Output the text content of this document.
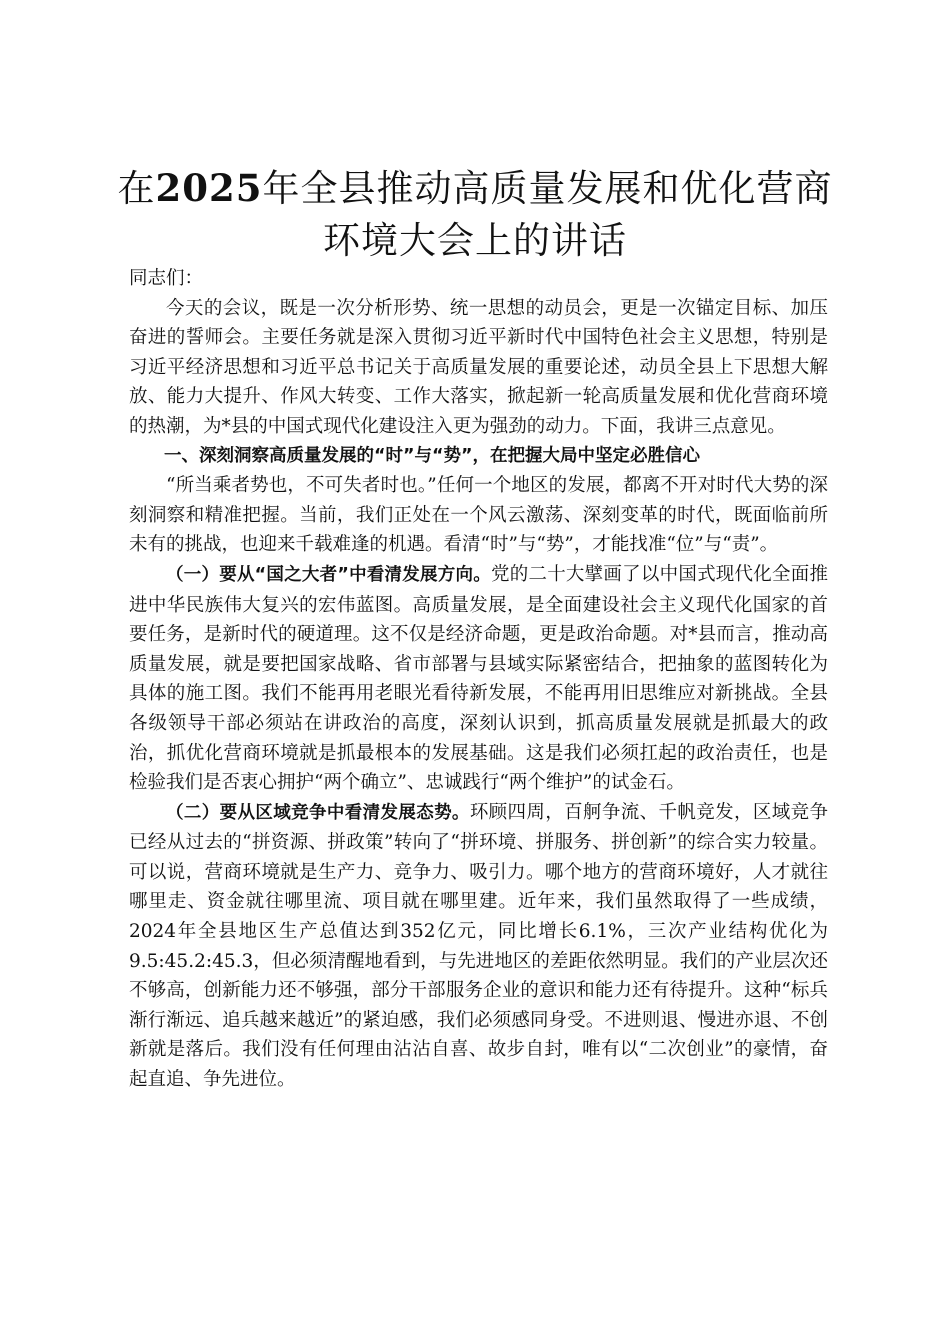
在2025年全县推动高质量发展和优化营商环境大会上的讲话

同志们：

今天的会议，既是一次分析形势、统一思想的动员会，更是一次锚定目标、加压奋进的誓师会。主要任务就是深入贯彻习近平新时代中国特色社会主义思想，特别是习近平经济思想和习近平总书记关于高质量发展的重要论述，动员全县上下思想大解放、能力大提升、作风大转变、工作大落实，掀起新一轮高质量发展和优化营商环境的热潮，为*县的中国式现代化建设注入更为强劲的动力。下面，我讲三点意见。

一、深刻洞察高质量发展的“时”与“势”，在把握大局中坚定必胜信心

“所当乘者势也，不可失者时也。”任何一个地区的发展，都离不开对时代大势的深刻洞察和精准把握。当前，我们正处在一个风云激荡、深刻变革的时代，既面临前所未有的挑战，也迎来千载难逢的机遇。看清“时”与“势”，才能找准“位”与“责”。

（一）要从“国之大者”中看清发展方向。党的二十大擘画了以中国式现代化全面推进中华民族伟大复兴的宏伟蓝图。高质量发展，是全面建设社会主义现代化国家的首要任务，是新时代的硬道理。这不仅是经济命题，更是政治命题。对*县而言，推动高质量发展，就是要把国家战略、省市部署与县域实际紧密结合，把抽象的蓝图转化为具体的施工图。我们不能再用老眼光看待新发展，不能再用旧思维应对新挑战。全县各级领导干部必须站在讲政治的高度，深刻认识到，抓高质量发展就是抓最大的政治，抓优化营商环境就是抓最根本的发展基础。这是我们必须扛起的政治责任，也是检验我们是否衷心拥护“两个确立”、忠诚践行“两个维护”的试金石。

（二）要从区域竞争中看清发展态势。环顾四周，百舸争流、千帆竞发，区域竞争已经从过去的“拼资源、拼政策”转向了“拼环境、拼服务、拼创新”的综合实力较量。可以说，营商环境就是生产力、竞争力、吸引力。哪个地方的营商环境好，人才就往哪里走、资金就往哪里流、项目就在哪里建。近年来，我们虽然取得了一些成绩，2024年全县地区生产总值达到352亿元，同比增长6.1%，三次产业结构优化为9.5:45.2:45.3，但必须清醒地看到，与先进地区的差距依然明显。我们的产业层次还不够高，创新能力还不够强，部分干部服务企业的意识和能力还有待提升。这种“标兵渐行渐远、追兵越来越近”的紧迫感，我们必须感同身受。不进则退、慢进亦退、不创新就是落后。我们没有任何理由沾沾自喜、故步自封，唯有以“二次创业”的豪情，奋起直追、争先进位。
